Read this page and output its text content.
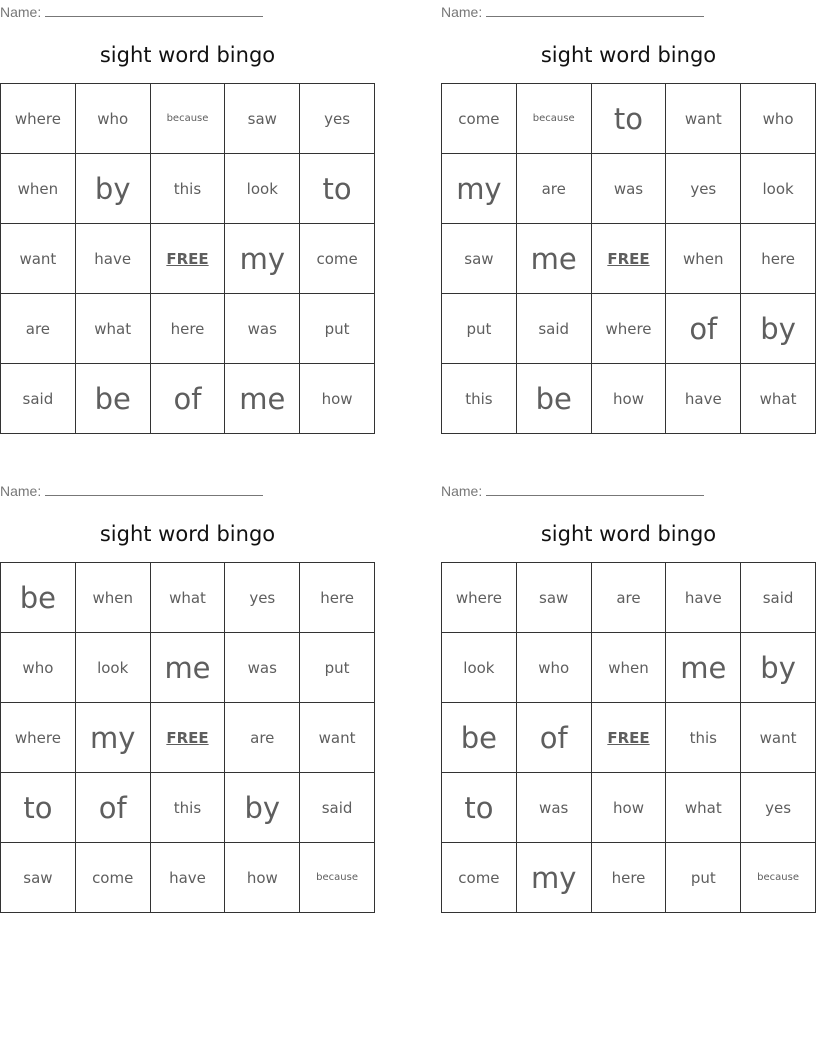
Name:
sight word bingo
where	who	because	saw	yes
when	by	this	look	to
want	have	FREE	my	come
are	what	here	was	put
said	be	of	me	how
Name:
sight word bingo
come	because	to	want	who
my	are	was	yes	look
saw	me	FREE	when	here
put	said	where	of	by
this	be	how	have	what
Name:
sight word bingo
be	when	what	yes	here
who	look	me	was	put
where	my	FREE	are	want
to	of	this	by	said
saw	come	have	how	because
Name:
sight word bingo
where	saw	are	have	said
look	who	when	me	by
be	of	FREE	this	want
to	was	how	what	yes
come	my	here	put	because
